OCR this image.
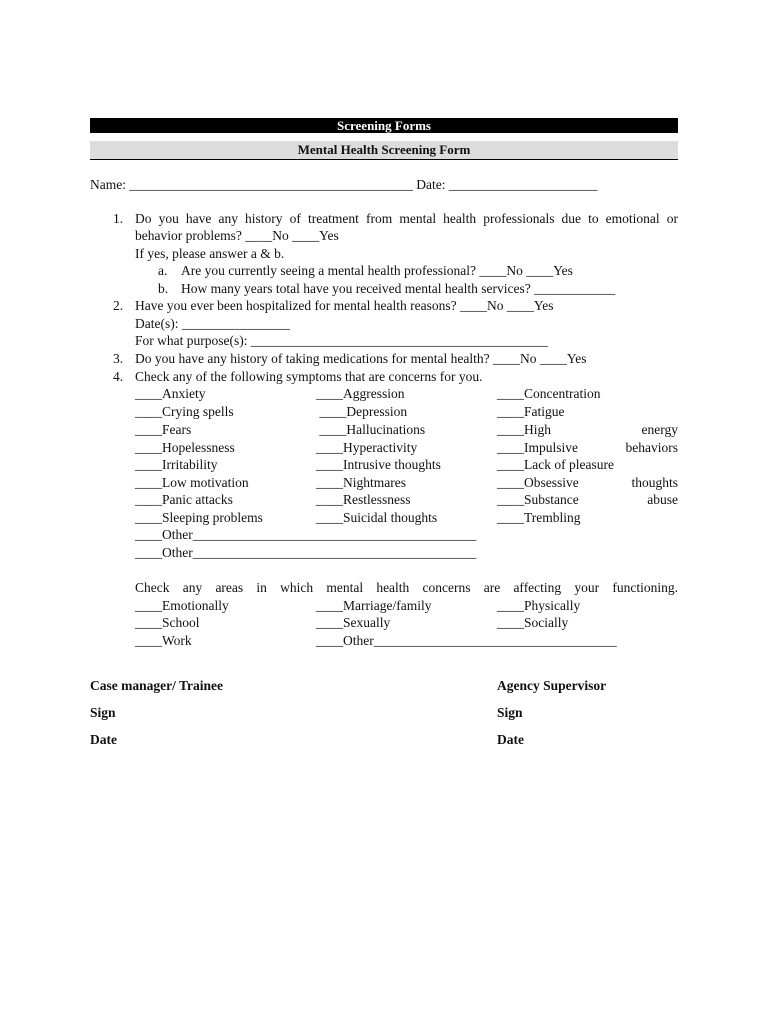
Screening Forms
Mental Health Screening Form
Name: __________________________________________ Date: ______________________
1. Do you have any history of treatment from mental health professionals due to emotional or
behavior problems? ____No ____Yes
If yes, please answer a & b.
a. Are you currently seeing a mental health professional? ____No ____Yes
b. How many years total have you received mental health services? ____________
2. Have you ever been hospitalized for mental health reasons? ____No ____Yes
Date(s): ________________
For what purpose(s): ____________________________________________
3. Do you have any history of taking medications for mental health? ____No ____Yes
4. Check any of the following symptoms that are concerns for you.
____Anxiety
____Crying spells
____Fears
____Hopelessness
____Irritability
____Low motivation
____Panic attacks
____Sleeping problems
____Aggression
____Depression
____Hallucinations
____Hyperactivity
____Intrusive thoughts
____Nightmares
____Restlessness
____Suicidal thoughts
____Concentration
____Fatigue
____High energy
____Impulsive behaviors
____Lack of pleasure
____Obsessive thoughts
____Substance abuse
____Trembling
____Other__________________________________________
____Other__________________________________________
Check any areas in which mental health concerns are affecting your functioning.
____Emotionally
____School
____Work
____Marriage/family
____Sexually
____Other____________________________________
____Physically
____Socially
Case manager/ Trainee
Sign
Date
Agency Supervisor
Sign
Date
